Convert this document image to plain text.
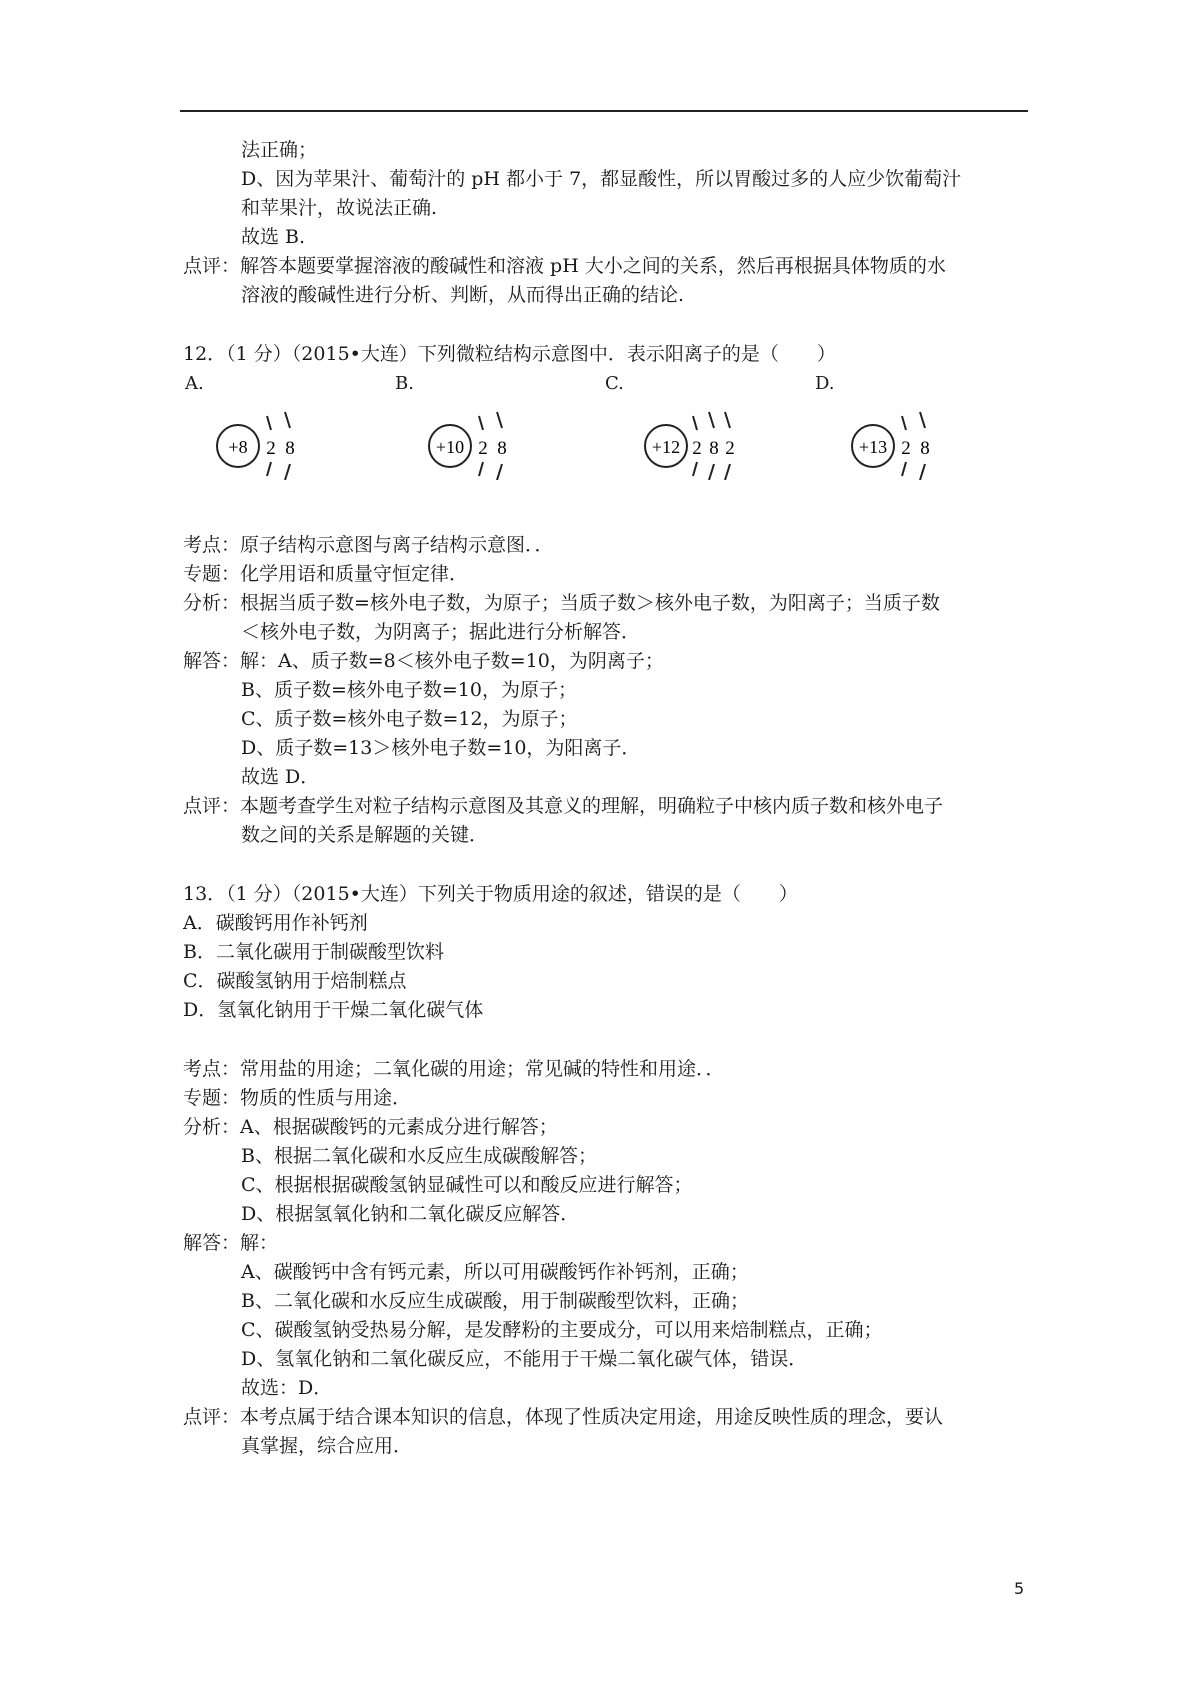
法正确；
D、因为苹果汁、葡萄汁的 pH 都小于 7，都显酸性，所以胃酸过多的人应少饮葡萄汁
和苹果汁，故说法正确.
故选 B.
点评：解答本题要掌握溶液的酸碱性和溶液 pH 大小之间的关系，然后再根据具体物质的水
溶液的酸碱性进行分析、判断，从而得出正确的结论.
12．（1 分）（2015•大连）下列微粒结构示意图中．表示阳离子的是（　　）
A.	B.	C.	D.
+8 2 8	+10 2 8	+12 2 8 2	+13 2 8
考点：原子结构示意图与离子结构示意图．．
专题：化学用语和质量守恒定律．
分析：根据当质子数=核外电子数，为原子；当质子数＞核外电子数，为阳离子；当质子数
＜核外电子数，为阴离子；据此进行分析解答．
解答：解：A、质子数=8＜核外电子数=10，为阴离子；
B、质子数=核外电子数=10，为原子；
C、质子数=核外电子数=12，为原子；
D、质子数=13＞核外电子数=10，为阳离子．
故选 D．
点评：本题考查学生对粒子结构示意图及其意义的理解，明确粒子中核内质子数和核外电子
数之间的关系是解题的关键．
13．（1 分）（2015•大连）下列关于物质用途的叙述，错误的是（　　）
A．碳酸钙用作补钙剂
B．二氧化碳用于制碳酸型饮料
C．碳酸氢钠用于焙制糕点
D．氢氧化钠用于干燥二氧化碳气体
考点：常用盐的用途；二氧化碳的用途；常见碱的特性和用途．．
专题：物质的性质与用途．
分析：A、根据碳酸钙的元素成分进行解答；
B、根据二氧化碳和水反应生成碳酸解答；
C、根据根据碳酸氢钠显碱性可以和酸反应进行解答；
D、根据氢氧化钠和二氧化碳反应解答．
解答：解：
A、碳酸钙中含有钙元素，所以可用碳酸钙作补钙剂，正确；
B、二氧化碳和水反应生成碳酸，用于制碳酸型饮料，正确；
C、碳酸氢钠受热易分解，是发酵粉的主要成分，可以用来焙制糕点，正确；
D、氢氧化钠和二氧化碳反应，不能用于干燥二氧化碳气体，错误．
故选：D．
点评：本考点属于结合课本知识的信息，体现了性质决定用途，用途反映性质的理念，要认
真掌握，综合应用．
5
